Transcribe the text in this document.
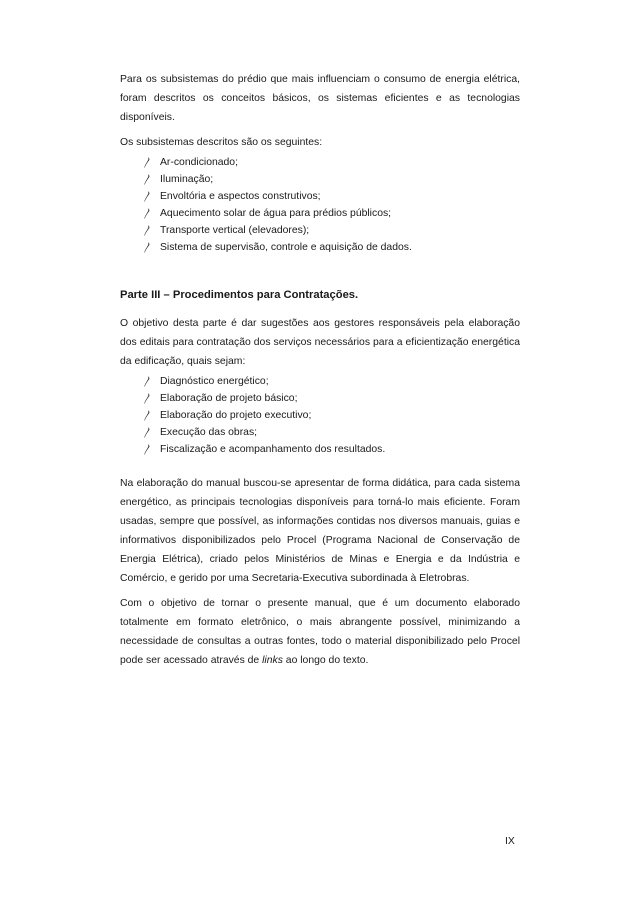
Para os subsistemas do prédio que mais influenciam o consumo de energia elétrica, foram descritos os conceitos básicos, os sistemas eficientes e as tecnologias disponíveis.

Os subsistemas descritos são os seguintes:

〳 Ar-condicionado;
〳 Iluminação;
〳 Envoltória e aspectos construtivos;
〳 Aquecimento solar de água para prédios públicos;
〳 Transporte vertical (elevadores);
〳 Sistema de supervisão, controle e aquisição de dados.
Parte III – Procedimentos para Contratações.

O objetivo desta parte é dar sugestões aos gestores responsáveis pela elaboração dos editais para contratação dos serviços necessários para a eficientização energética da edificação, quais sejam:

〳 Diagnóstico energético;
〳 Elaboração de projeto básico;
〳 Elaboração do projeto executivo;
〳 Execução das obras;
〳 Fiscalização e acompanhamento dos resultados.

Na elaboração do manual buscou-se apresentar de forma didática, para cada sistema energético, as principais tecnologias disponíveis para torná-lo mais eficiente. Foram usadas, sempre que possível, as informações contidas nos diversos manuais, guias e informativos disponibilizados pelo Procel (Programa Nacional de Conservação de Energia Elétrica), criado pelos Ministérios de Minas e Energia e da Indústria e Comércio, e gerido por uma Secretaria-Executiva subordinada à Eletrobras.

Com o objetivo de tornar o presente manual, que é um documento elaborado totalmente em formato eletrônico, o mais abrangente possível, minimizando a necessidade de consultas a outras fontes, todo o material disponibilizado pelo Procel pode ser acessado através de links ao longo do texto.

IX
